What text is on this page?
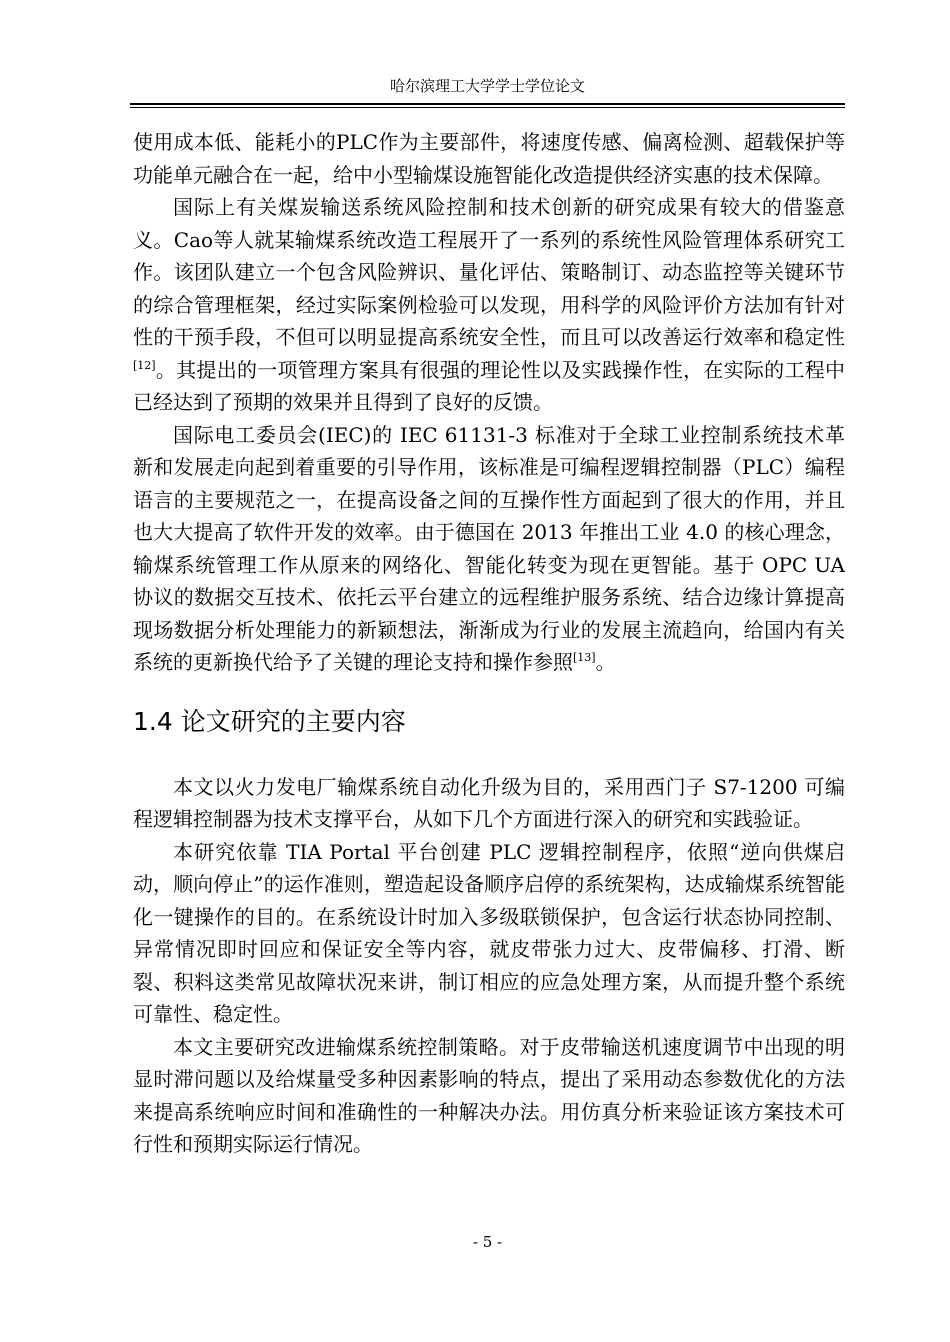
哈尔滨理工大学学士学位论文

使用成本低、能耗小的PLC作为主要部件，将速度传感、偏离检测、超载保护等功能单元融合在一起，给中小型输煤设施智能化改造提供经济实惠的技术保障。

国际上有关煤炭输送系统风险控制和技术创新的研究成果有较大的借鉴意义。Cao等人就某输煤系统改造工程展开了一系列的系统性风险管理体系研究工作。该团队建立一个包含风险辨识、量化评估、策略制订、动态监控等关键环节的综合管理框架，经过实际案例检验可以发现，用科学的风险评价方法加有针对性的干预手段，不但可以明显提高系统安全性，而且可以改善运行效率和稳定性[12]。其提出的一项管理方案具有很强的理论性以及实践操作性，在实际的工程中已经达到了预期的效果并且得到了良好的反馈。

国际电工委员会(IEC)的 IEC 61131-3 标准对于全球工业控制系统技术革新和发展走向起到着重要的引导作用，该标准是可编程逻辑控制器（PLC）编程语言的主要规范之一，在提高设备之间的互操作性方面起到了很大的作用，并且也大大提高了软件开发的效率。由于德国在 2013 年推出工业 4.0 的核心理念，输煤系统管理工作从原来的网络化、智能化转变为现在更智能。基于 OPC UA 协议的数据交互技术、依托云平台建立的远程维护服务系统、结合边缘计算提高现场数据分析处理能力的新颖想法，渐渐成为行业的发展主流趋向，给国内有关系统的更新换代给予了关键的理论支持和操作参照[13]。

1.4 论文研究的主要内容

本文以火力发电厂输煤系统自动化升级为目的，采用西门子 S7-1200 可编程逻辑控制器为技术支撑平台，从如下几个方面进行深入的研究和实践验证。

本研究依靠 TIA Portal 平台创建 PLC 逻辑控制程序，依照“逆向供煤启动，顺向停止”的运作准则，塑造起设备顺序启停的系统架构，达成输煤系统智能化一键操作的目的。在系统设计时加入多级联锁保护，包含运行状态协同控制、异常情况即时回应和保证安全等内容，就皮带张力过大、皮带偏移、打滑、断裂、积料这类常见故障状况来讲，制订相应的应急处理方案，从而提升整个系统可靠性、稳定性。

本文主要研究改进输煤系统控制策略。对于皮带输送机速度调节中出现的明显时滞问题以及给煤量受多种因素影响的特点，提出了采用动态参数优化的方法来提高系统响应时间和准确性的一种解决办法。用仿真分析来验证该方案技术可行性和预期实际运行情况。

- 5 -
